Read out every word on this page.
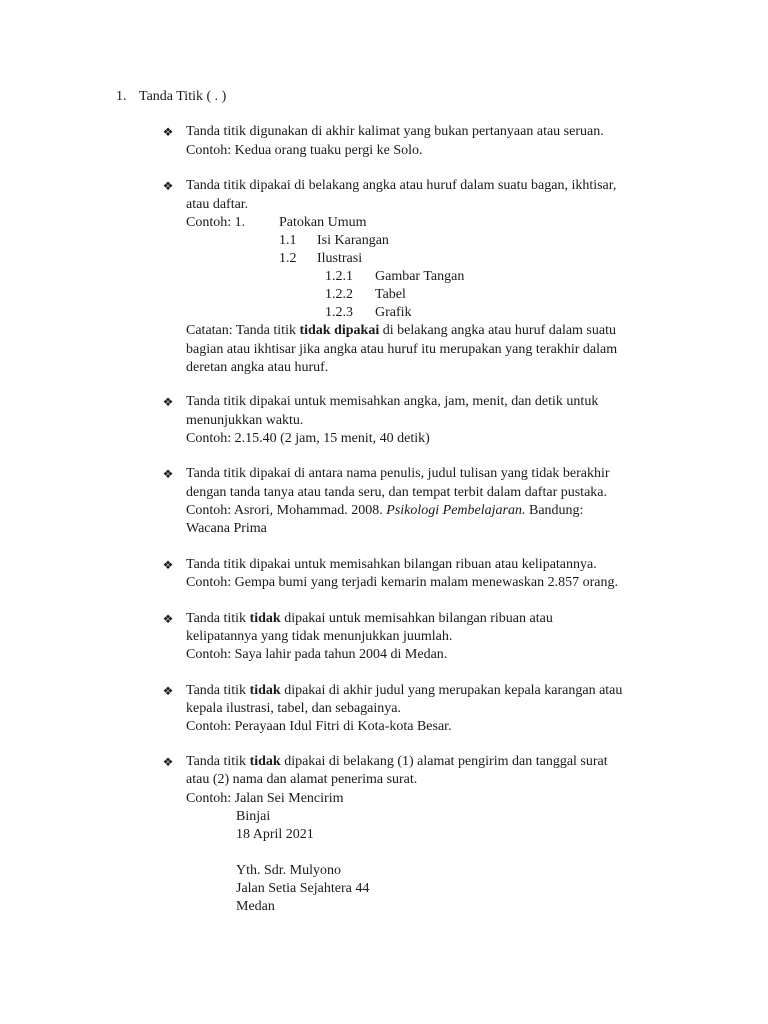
1. Tanda Titik ( . )
❖ Tanda titik digunakan di akhir kalimat yang bukan pertanyaan atau seruan.
Contoh: Kedua orang tuaku pergi ke Solo.
❖ Tanda titik dipakai di belakang angka atau huruf dalam suatu bagan, ikhtisar,
atau daftar.
Contoh: 1. Patokan Umum
1.1 Isi Karangan
1.2 Ilustrasi
1.2.1 Gambar Tangan
1.2.2 Tabel
1.2.3 Grafik
Catatan: Tanda titik tidak dipakai di belakang angka atau huruf dalam suatu
bagian atau ikhtisar jika angka atau huruf itu merupakan yang terakhir dalam
deretan angka atau huruf.
❖ Tanda titik dipakai untuk memisahkan angka, jam, menit, dan detik untuk
menunjukkan waktu.
Contoh: 2.15.40 (2 jam, 15 menit, 40 detik)
❖ Tanda titik dipakai di antara nama penulis, judul tulisan yang tidak berakhir
dengan tanda tanya atau tanda seru, dan tempat terbit dalam daftar pustaka.
Contoh: Asrori, Mohammad. 2008. Psikologi Pembelajaran. Bandung:
Wacana Prima
❖ Tanda titik dipakai untuk memisahkan bilangan ribuan atau kelipatannya.
Contoh: Gempa bumi yang terjadi kemarin malam menewaskan 2.857 orang.
❖ Tanda titik tidak dipakai untuk memisahkan bilangan ribuan atau
kelipatannya yang tidak menunjukkan juumlah.
Contoh: Saya lahir pada tahun 2004 di Medan.
❖ Tanda titik tidak dipakai di akhir judul yang merupakan kepala karangan atau
kepala ilustrasi, tabel, dan sebagainya.
Contoh: Perayaan Idul Fitri di Kota-kota Besar.
❖ Tanda titik tidak dipakai di belakang (1) alamat pengirim dan tanggal surat
atau (2) nama dan alamat penerima surat.
Contoh: Jalan Sei Mencirim
Binjai
18 April 2021
Yth. Sdr. Mulyono
Jalan Setia Sejahtera 44
Medan
